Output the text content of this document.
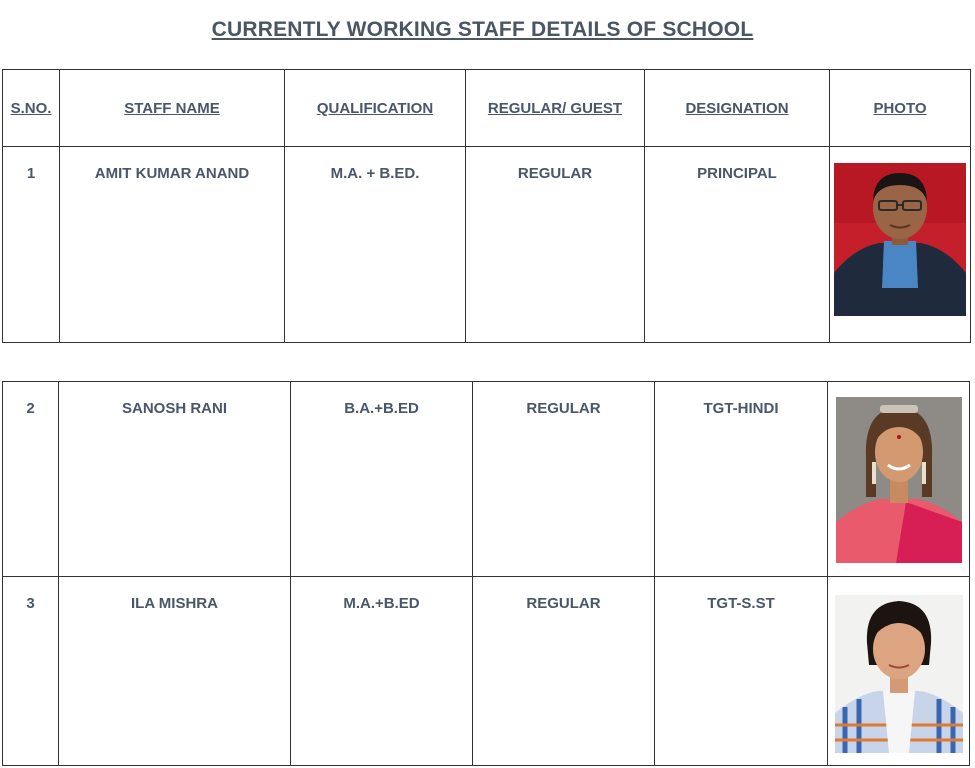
CURRENTLY WORKING STAFF DETAILS OF SCHOOL
S.NO.	STAFF NAME	QUALIFICATION	REGULAR/ GUEST	DESIGNATION	PHOTO
1	AMIT KUMAR ANAND	M.A. + B.ED.	REGULAR	PRINCIPAL	
2	SANOSH RANI	B.A.+B.ED	REGULAR	TGT-HINDI	

3	ILA MISHRA	M.A.+B.ED	REGULAR	TGT-S.ST	
